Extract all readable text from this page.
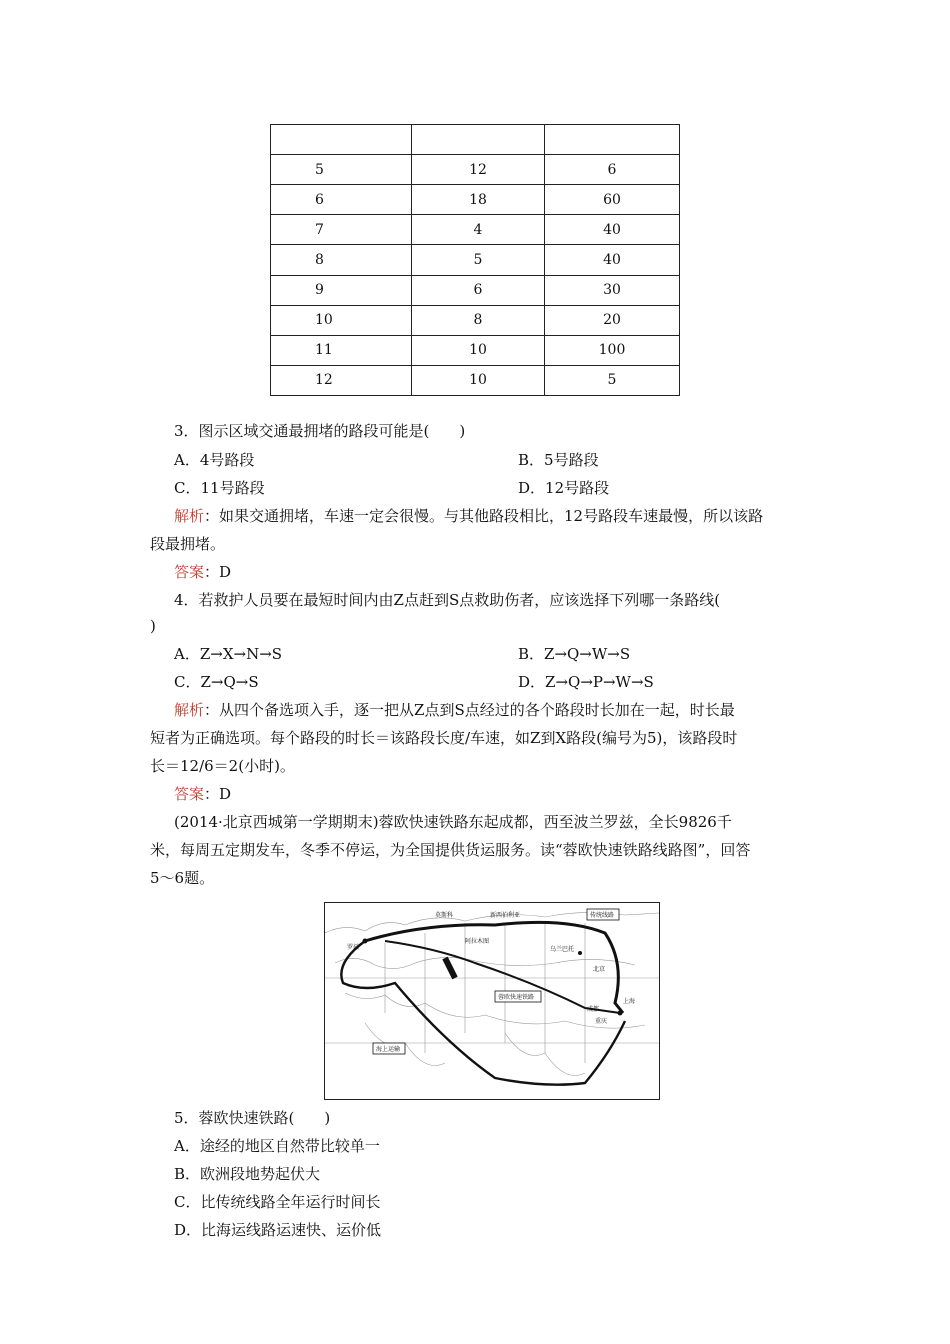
5	12	6
6	18	60
7	4	40
8	5	40
9	6	30
10	8	20
11	10	100
12	10	5
3．图示区域交通最拥堵的路段可能是(　　)
A．4号路段	B．5号路段
C．11号路段	D．12号路段
解析：如果交通拥堵，车速一定会很慢。与其他路段相比，12号路段车速最慢，所以该路
段最拥堵。
答案：D
4．若救护人员要在最短时间内由Z点赶到S点救助伤者，应该选择下列哪一条路线(
)
A．Z→X→N→S	B．Z→Q→W→S
C．Z→Q→S	D．Z→Q→P→W→S
解析：从四个备选项入手，逐一把从Z点到S点经过的各个路段时长加在一起，时长最
短者为正确选项。每个路段的时长＝该路段长度/车速，如Z到X路段(编号为5)，该路段时
长＝12/6＝2(小时)。
答案：D
(2014·北京西城第一学期期末)蓉欧快速铁路东起成都，西至波兰罗兹，全长9826千
米，每周五定期发车，冬季不停运，为全国提供货运服务。读“蓉欧快速铁路线路图”，回答
5～6题。
莫斯科	新西伯利亚
罗兹
阿拉木图
乌兰巴托
北京
成都
重庆
上海
传统线路
蓉欧快速铁路
海上运输
5．蓉欧快速铁路(　　)
A．途经的地区自然带比较单一
B．欧洲段地势起伏大
C．比传统线路全年运行时间长
D．比海运线路运速快、运价低
